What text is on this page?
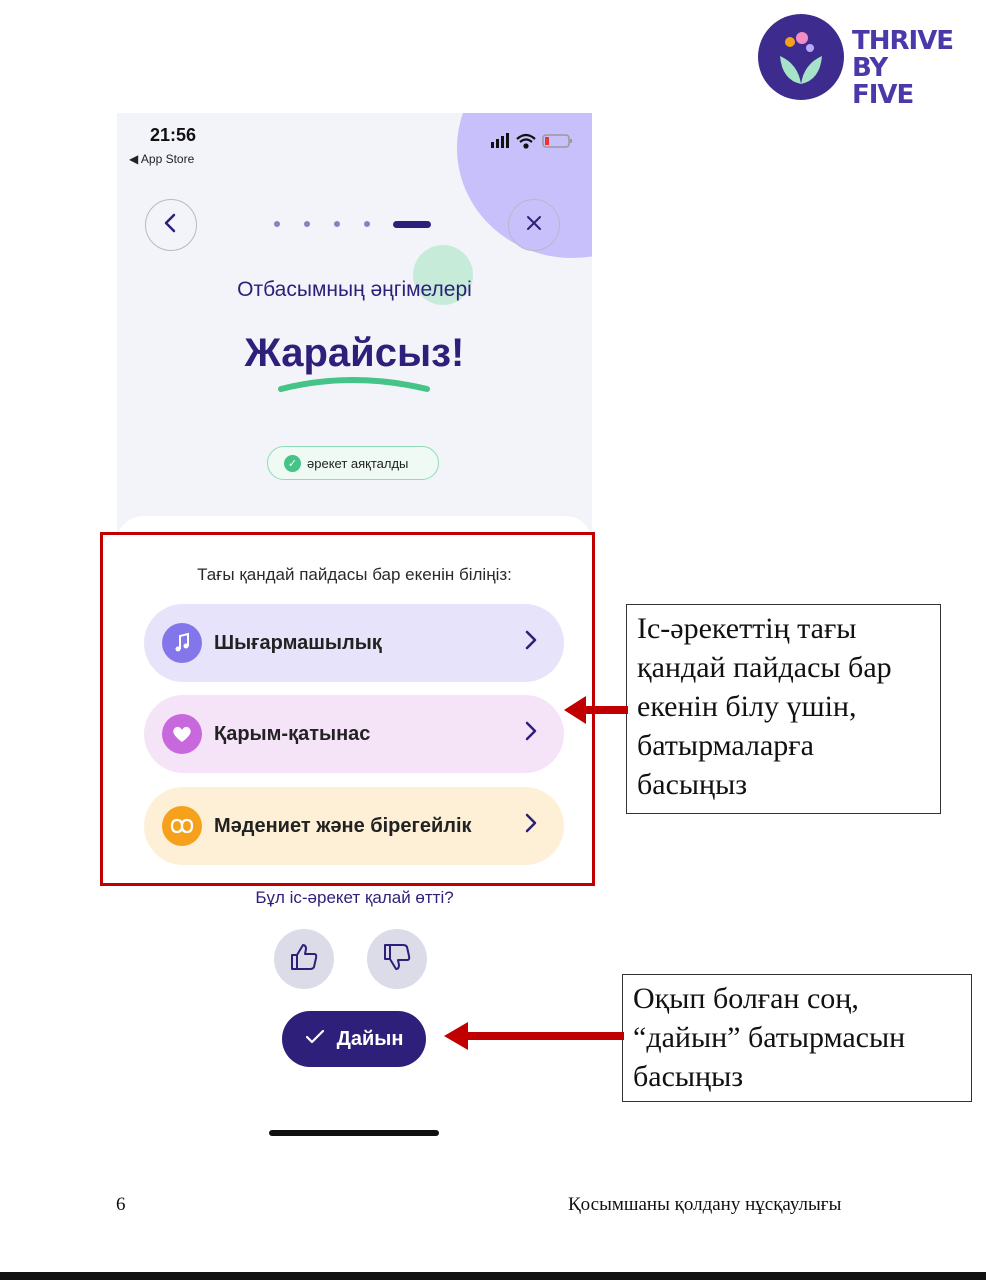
THRIVE
BY FIVE
21:56
◀ App Store
Отбасымның әңгімелері
Жарайсыз!
✓ әрекет аяқталды
Тағы қандай пайдасы бар екенін біліңіз:
Шығармашылық
Қарым-қатынас
Мәдениет және бірегейлік
Бұл іс-әрекет қалай өтті?
Дайын
Іс-әрекеттің тағы қандай пайдасы бар екенін білу үшін, батырмаларға басыңыз
Оқып болған соң, “дайын” батырмасын басыңыз
6	Қосымшаны қолдану нұсқаулығы
